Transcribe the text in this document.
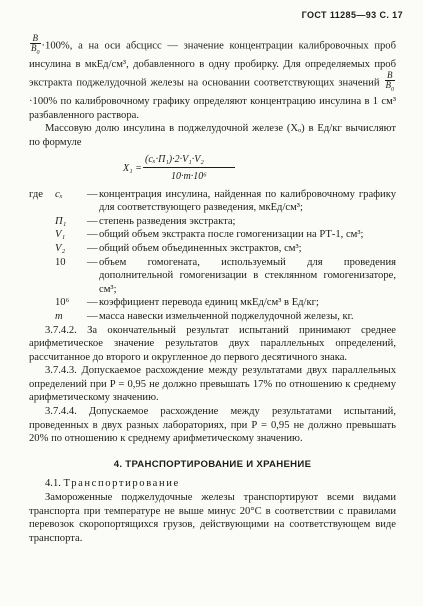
ГОСТ 11285—93 С. 17

$\frac{B}{B_0} \cdot 100\%$, а на оси абсцисс — значение концентрации калибровочных проб инсулина в мкЕд/см³, добавленного в одну пробирку. Для определяемых проб экстракта поджелудочной железы на основании соответствующих значений $\frac{B}{B_0}$
·100% по калибровочному графику определяют концентрацию инсулина в 1 см³ разбавленного раствора.

Массовую долю инсулина в поджелудочной железе (Xₒ) в Ед/кг вычисляют по формуле

X₁ =
(cₓ·Π₁)·2·V₁·V₂
10·m·10⁶
где	cₓ	— концентрация инсулина, найденная по калибровочному графику для соответствующего разведения, мкЕд/см³;
Π₁	— степень разведения экстракта;
V₁	— общий объем экстракта после гомогенизации на РТ-1, см³;
V₂	— общий объем объединенных экстрактов, см³;
10	— объем гомогената, используемый для проведения дополнительной гомогенизации в стеклянном гомогенизаторе, см³;
10⁶	— коэффициент перевода единиц мкЕд/см³ в Ед/кг;
m	— масса навески измельченной поджелудочной железы, кг.

3.7.4.2. За окончательный результат испытаний принимают среднее арифметическое значение результатов двух параллельных определений, рассчитанное до второго и округленное до первого десятичного знака.

3.7.4.3. Допускаемое расхождение между результатами двух параллельных определений при P = 0,95 не должно превышать 17% по отношению к среднему арифметическому значению.

3.7.4.4. Допускаемое расхождение между результатами испытаний, проведенных в двух разных лабораториях, при P = 0,95 не должно превышать 20% по отношению к среднему арифметическому значению.

4. ТРАНСПОРТИРОВАНИЕ И ХРАНЕНИЕ

4.1. Транспортирование

Замороженные поджелудочные железы транспортируют всеми видами транспорта при температуре не выше минус 20°С в соответствии с правилами перевозок скоропортящихся грузов, действующими на соответствующем виде транспорта.
